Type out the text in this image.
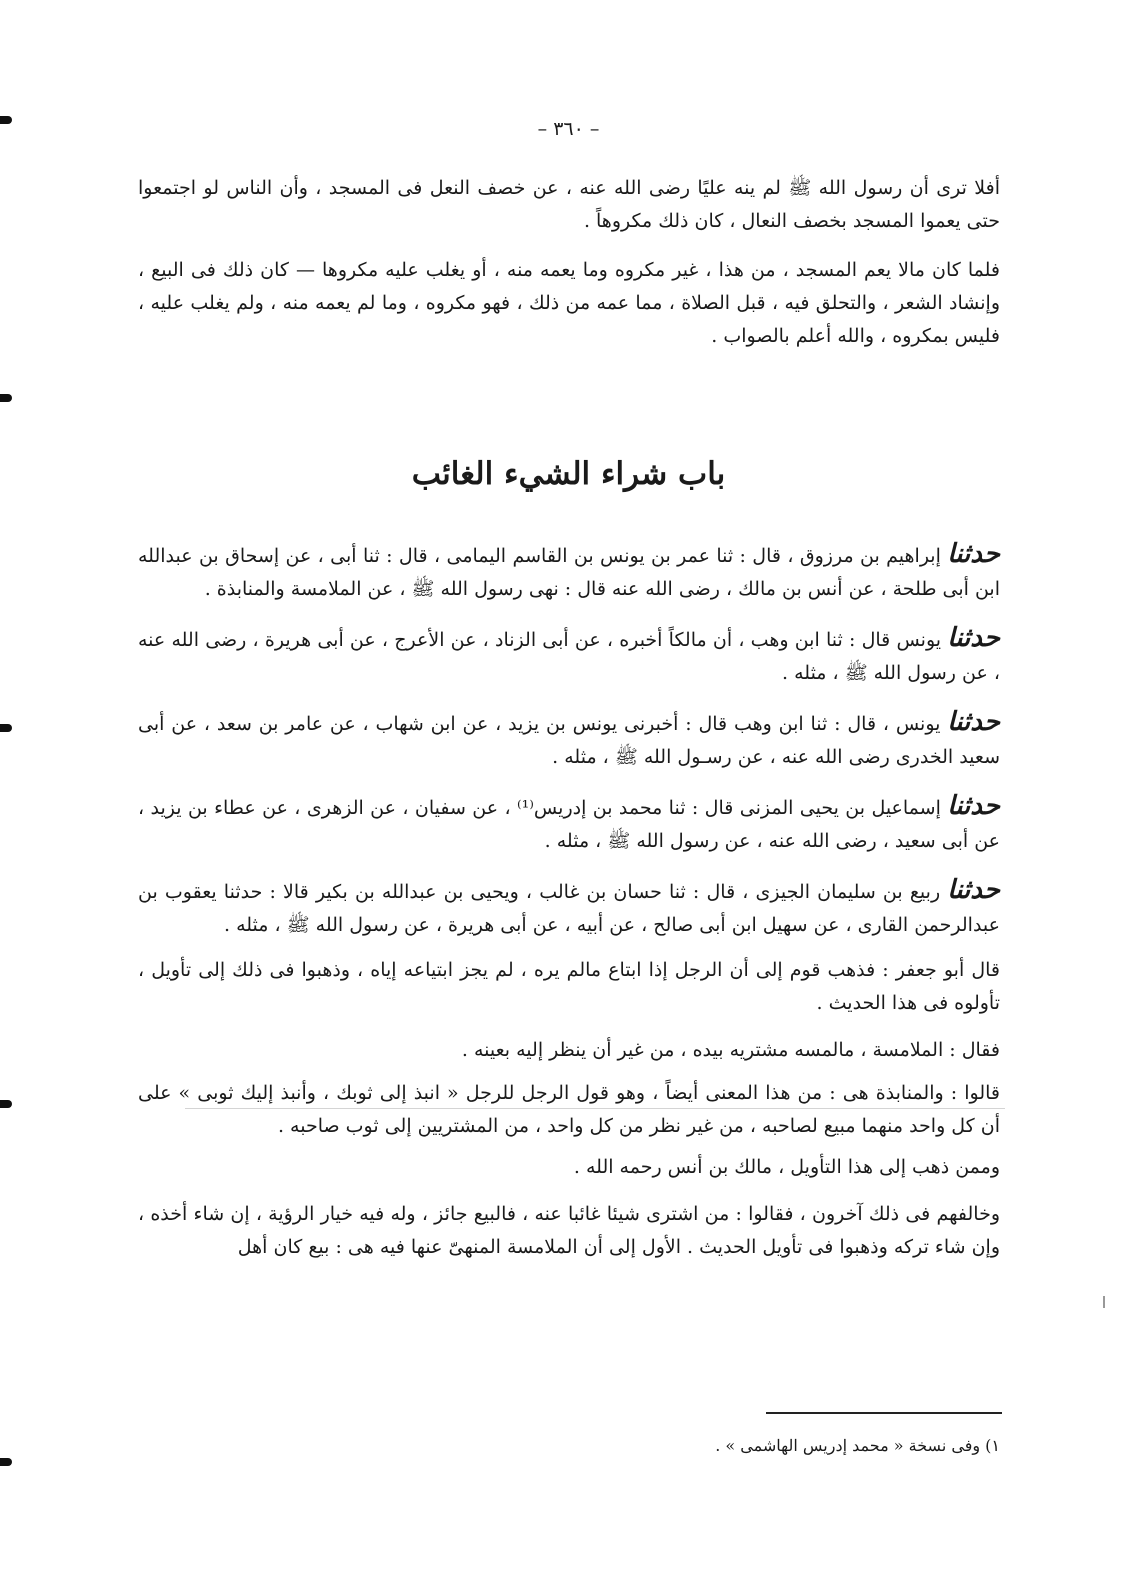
– ٣٦٠ –

أفلا ترى أن رسول الله ﷺ لم ينه عليًا رضى الله عنه ، عن خصف النعل فى المسجد ، وأن الناس لو اجتمعوا حتى يعموا المسجد بخصف النعال ، كان ذلك مكروهاً .

فلما كان مالا يعم المسجد ، من هذا ، غير مكروه وما يعمه منه ، أو يغلب عليه مكروها — كان ذلك فى البيع ، وإنشاد الشعر ، والتحلق فيه ، قبل الصلاة ، مما عمه من ذلك ، فهو مكروه ، وما لم يعمه منه ، ولم يغلب عليه ، فليس بمكروه ، والله أعلم بالصواب .

باب شراء الشيء الغائب

حدثنا إبراهيم بن مرزوق ، قال : ثنا عمر بن يونس بن القاسم اليمامى ، قال : ثنا أبى ، عن إسحاق بن عبدالله ابن أبى طلحة ، عن أنس بن مالك ، رضى الله عنه قال : نهى رسول الله ﷺ ، عن الملامسة والمنابذة .

حدثنا يونس قال : ثنا ابن وهب ، أن مالكاً أخبره ، عن أبى الزناد ، عن الأعرج ، عن أبى هريرة ، رضى الله عنه ، عن رسول الله ﷺ ، مثله .

حدثنا يونس ، قال : ثنا ابن وهب قال : أخبرنى يونس بن يزيد ، عن ابن شهاب ، عن عامر بن سعد ، عن أبى سعيد الخدرى رضى الله عنه ، عن رسـول الله ﷺ ، مثله .

حدثنا إسماعيل بن يحيى المزنى قال : ثنا محمد بن إدريس⁽¹⁾ ، عن سفيان ، عن الزهرى ، عن عطاء بن يزيد ، عن أبى سعيد ، رضى الله عنه ، عن رسول الله ﷺ ، مثله .

حدثنا ربيع بن سليمان الجيزى ، قال : ثنا حسان بن غالب ، ويحيى بن عبدالله بن بكير قالا : حدثنا يعقوب بن عبدالرحمن القارى ، عن سهيل ابن أبى صالح ، عن أبيه ، عن أبى هريرة ، عن رسول الله ﷺ ، مثله .

قال أبو جعفر : فذهب قوم إلى أن الرجل إذا ابتاع مالم يره ، لم يجز ابتياعه إياه ، وذهبوا فى ذلك إلى تأويل ، تأولوه فى هذا الحديث .

فقال : الملامسة ، مالمسه مشتريه بيده ، من غير أن ينظر إليه بعينه .

قالوا : والمنابذة هى : من هذا المعنى أيضاً ، وهو قول الرجل للرجل « انبذ إلى ثوبك ، وأنبذ إليك ثوبى » على أن كل واحد منهما مبيع لصاحبه ، من غير نظر من كل واحد ، من المشتريين إلى ثوب صاحبه .

وممن ذهب إلى هذا التأويل ، مالك بن أنس رحمه الله .

وخالفهم فى ذلك آخرون ، فقالوا : من اشترى شيئا غائبا عنه ، فالبيع جائز ، وله فيه خيار الرؤية ، إن شاء أخذه ، وإن شاء تركه وذهبوا فى تأويل الحديث . الأول إلى أن الملامسة المنهىّ عنها فيه هى : بيع كان أهل

١) وفى نسخة « محمد إدريس الهاشمى » .
